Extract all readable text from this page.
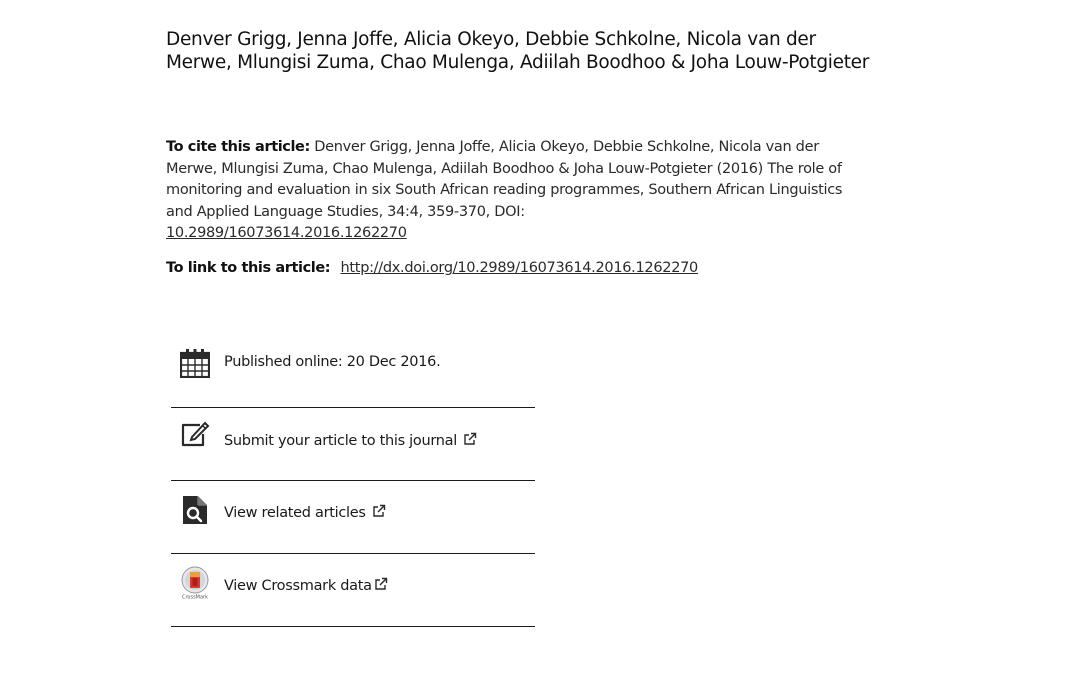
Denver Grigg, Jenna Joffe, Alicia Okeyo, Debbie Schkolne, Nicola van der Merwe, Mlungisi Zuma, Chao Mulenga, Adiilah Boodhoo & Joha Louw-Potgieter
To cite this article: Denver Grigg, Jenna Joffe, Alicia Okeyo, Debbie Schkolne, Nicola van der Merwe, Mlungisi Zuma, Chao Mulenga, Adiilah Boodhoo & Joha Louw-Potgieter (2016) The role of monitoring and evaluation in six South African reading programmes, Southern African Linguistics and Applied Language Studies, 34:4, 359-370, DOI:
10.2989/16073614.2016.1262270
To link to this article: http://dx.doi.org/10.2989/16073614.2016.1262270
Published online: 20 Dec 2016.
Submit your article to this journal
View related articles
CrossMark
View Crossmark data
